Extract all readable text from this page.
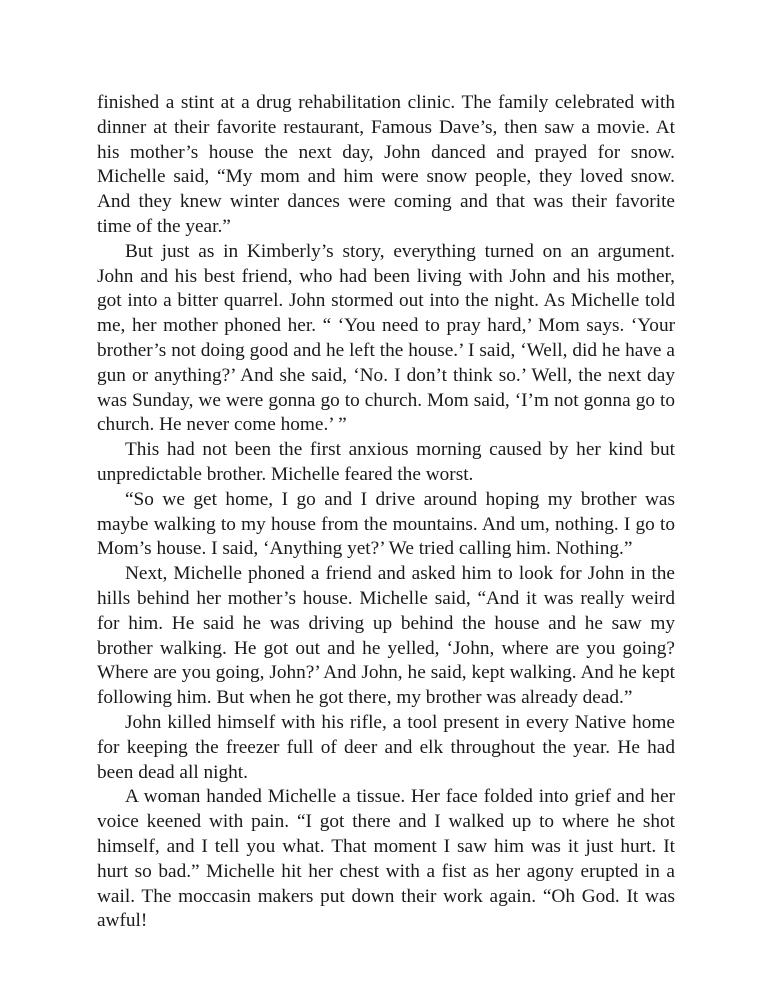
finished a stint at a drug rehabilitation clinic. The family celebrated with dinner at their favorite restaurant, Famous Dave’s, then saw a movie. At his mother’s house the next day, John danced and prayed for snow. Michelle said, “My mom and him were snow people, they loved snow. And they knew winter dances were coming and that was their favorite time of the year.”

But just as in Kimberly’s story, everything turned on an argument. John and his best friend, who had been living with John and his mother, got into a bitter quarrel. John stormed out into the night. As Michelle told me, her mother phoned her. “ ‘You need to pray hard,’ Mom says. ‘Your brother’s not doing good and he left the house.’ I said, ‘Well, did he have a gun or anything?’ And she said, ‘No. I don’t think so.’ Well, the next day was Sunday, we were gonna go to church. Mom said, ‘I’m not gonna go to church. He never come home.’ ”

This had not been the first anxious morning caused by her kind but unpredictable brother. Michelle feared the worst.

“So we get home, I go and I drive around hoping my brother was maybe walking to my house from the mountains. And um, nothing. I go to Mom’s house. I said, ‘Anything yet?’ We tried calling him. Nothing.”

Next, Michelle phoned a friend and asked him to look for John in the hills behind her mother’s house. Michelle said, “And it was really weird for him. He said he was driving up behind the house and he saw my brother walking. He got out and he yelled, ‘John, where are you going? Where are you going, John?’ And John, he said, kept walking. And he kept following him. But when he got there, my brother was already dead.”

John killed himself with his rifle, a tool present in every Native home for keeping the freezer full of deer and elk throughout the year. He had been dead all night.

A woman handed Michelle a tissue. Her face folded into grief and her voice keened with pain. “I got there and I walked up to where he shot himself, and I tell you what. That moment I saw him was it just hurt. It hurt so bad.” Michelle hit her chest with a fist as her agony erupted in a wail. The moccasin makers put down their work again. “Oh God. It was awful!
